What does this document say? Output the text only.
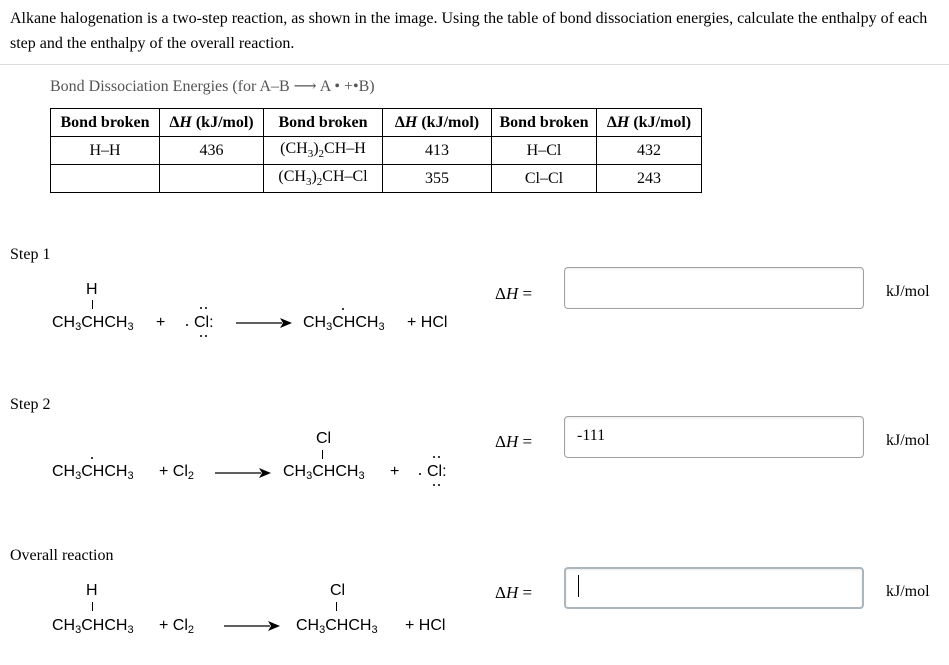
Alkane halogenation is a two-step reaction, as shown in the image. Using the table of bond dissociation energies, calculate the enthalpy of each step and the enthalpy of the overall reaction.
Bond Dissociation Energies (for A–B ⟶ A • +•B)
Bond broken	ΔH (kJ/mol)	Bond broken	ΔH (kJ/mol)	Bond broken	ΔH (kJ/mol)
H–H	436	$(CH_3)_2CH-H$	413	H–Cl	432
		$(CH_3)_2CH-Cl$	355	Cl–Cl	243
Step 1
H
$CH_3CHCH_3 + Cl$:	$CH_3CHCH_3$ + HCl
ΔH =	kJ/mol
Step 2
$CH_3CHCH_3 + Cl_2$
Cl
$CH_3CHCH_3 + Cl$:
ΔH =	-111	kJ/mol
Overall reaction
H
$CH_3CHCH_3 + Cl_2$
Cl
$CH_3CHCH_3$ + HCl
ΔH =	kJ/mol
